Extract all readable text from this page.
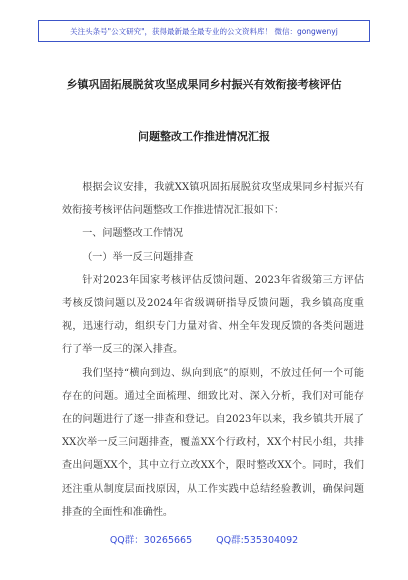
关注头条号"公文研究"，获得最新最全最专业的公文资料库！ 微信：gongwenyj
乡镇巩固拓展脱贫攻坚成果同乡村振兴有效衔接考核评估
问题整改工作推进情况汇报

根据会议安排，我就XX镇巩固拓展脱贫攻坚成果同乡村振兴有效衔接考核评估问题整改工作推进情况汇报如下：

一、问题整改工作情况

（一）举一反三问题排查

针对2023年国家考核评估反馈问题、2023年省级第三方评估考核反馈问题以及2024年省级调研指导反馈问题，我乡镇高度重视，迅速行动，组织专门力量对省、州全年发现反馈的各类问题进行了举一反三的深入排查。

我们坚持“横向到边、纵向到底”的原则，不放过任何一个可能存在的问题。通过全面梳理、细致比对、深入分析，我们对可能存在的问题进行了逐一排查和登记。自2023年以来，我乡镇共开展了XX次举一反三问题排查，覆盖XX个行政村，XX个村民小组，共排查出问题XX个，其中立行立改XX个，限时整改XX个。同时，我们还注重从制度层面找原因，从工作实践中总结经验教训，确保问题排查的全面性和准确性。

QQ群：30265665	QQ群:535304092
